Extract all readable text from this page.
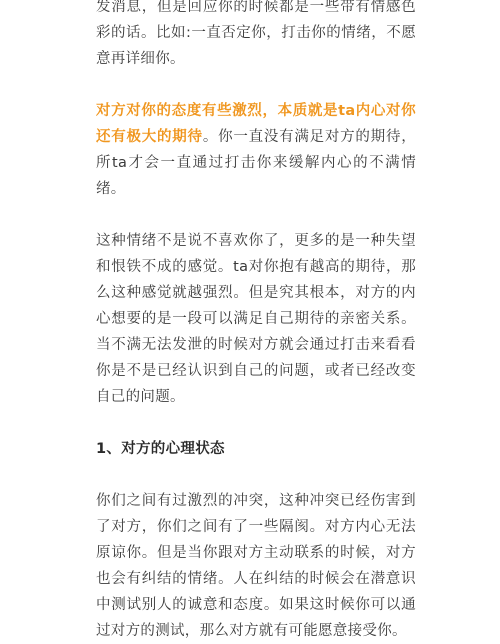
发消息，但是回应你的时候都是一些带有情感色彩的话。比如:一直否定你，打击你的情绪，不愿意再详细你。

对方对你的态度有些激烈，本质就是ta内心对你还有极大的期待。你一直没有满足对方的期待，所ta才会一直通过打击你来缓解内心的不满情绪。

这种情绪不是说不喜欢你了，更多的是一种失望和恨铁不成的感觉。ta对你抱有越高的期待，那么这种感觉就越强烈。但是究其根本，对方的内心想要的是一段可以满足自己期待的亲密关系。当不满无法发泄的时候对方就会通过打击来看看你是不是已经认识到自己的问题，或者已经改变自己的问题。

1、对方的心理状态

你们之间有过激烈的冲突，这种冲突已经伤害到了对方，你们之间有了一些隔阂。对方内心无法原谅你。但是当你跟对方主动联系的时候，对方也会有纠结的情绪。人在纠结的时候会在潜意识中测试别人的诚意和态度。如果这时候你可以通过对方的测试，那么对方就有可能愿意接受你。
